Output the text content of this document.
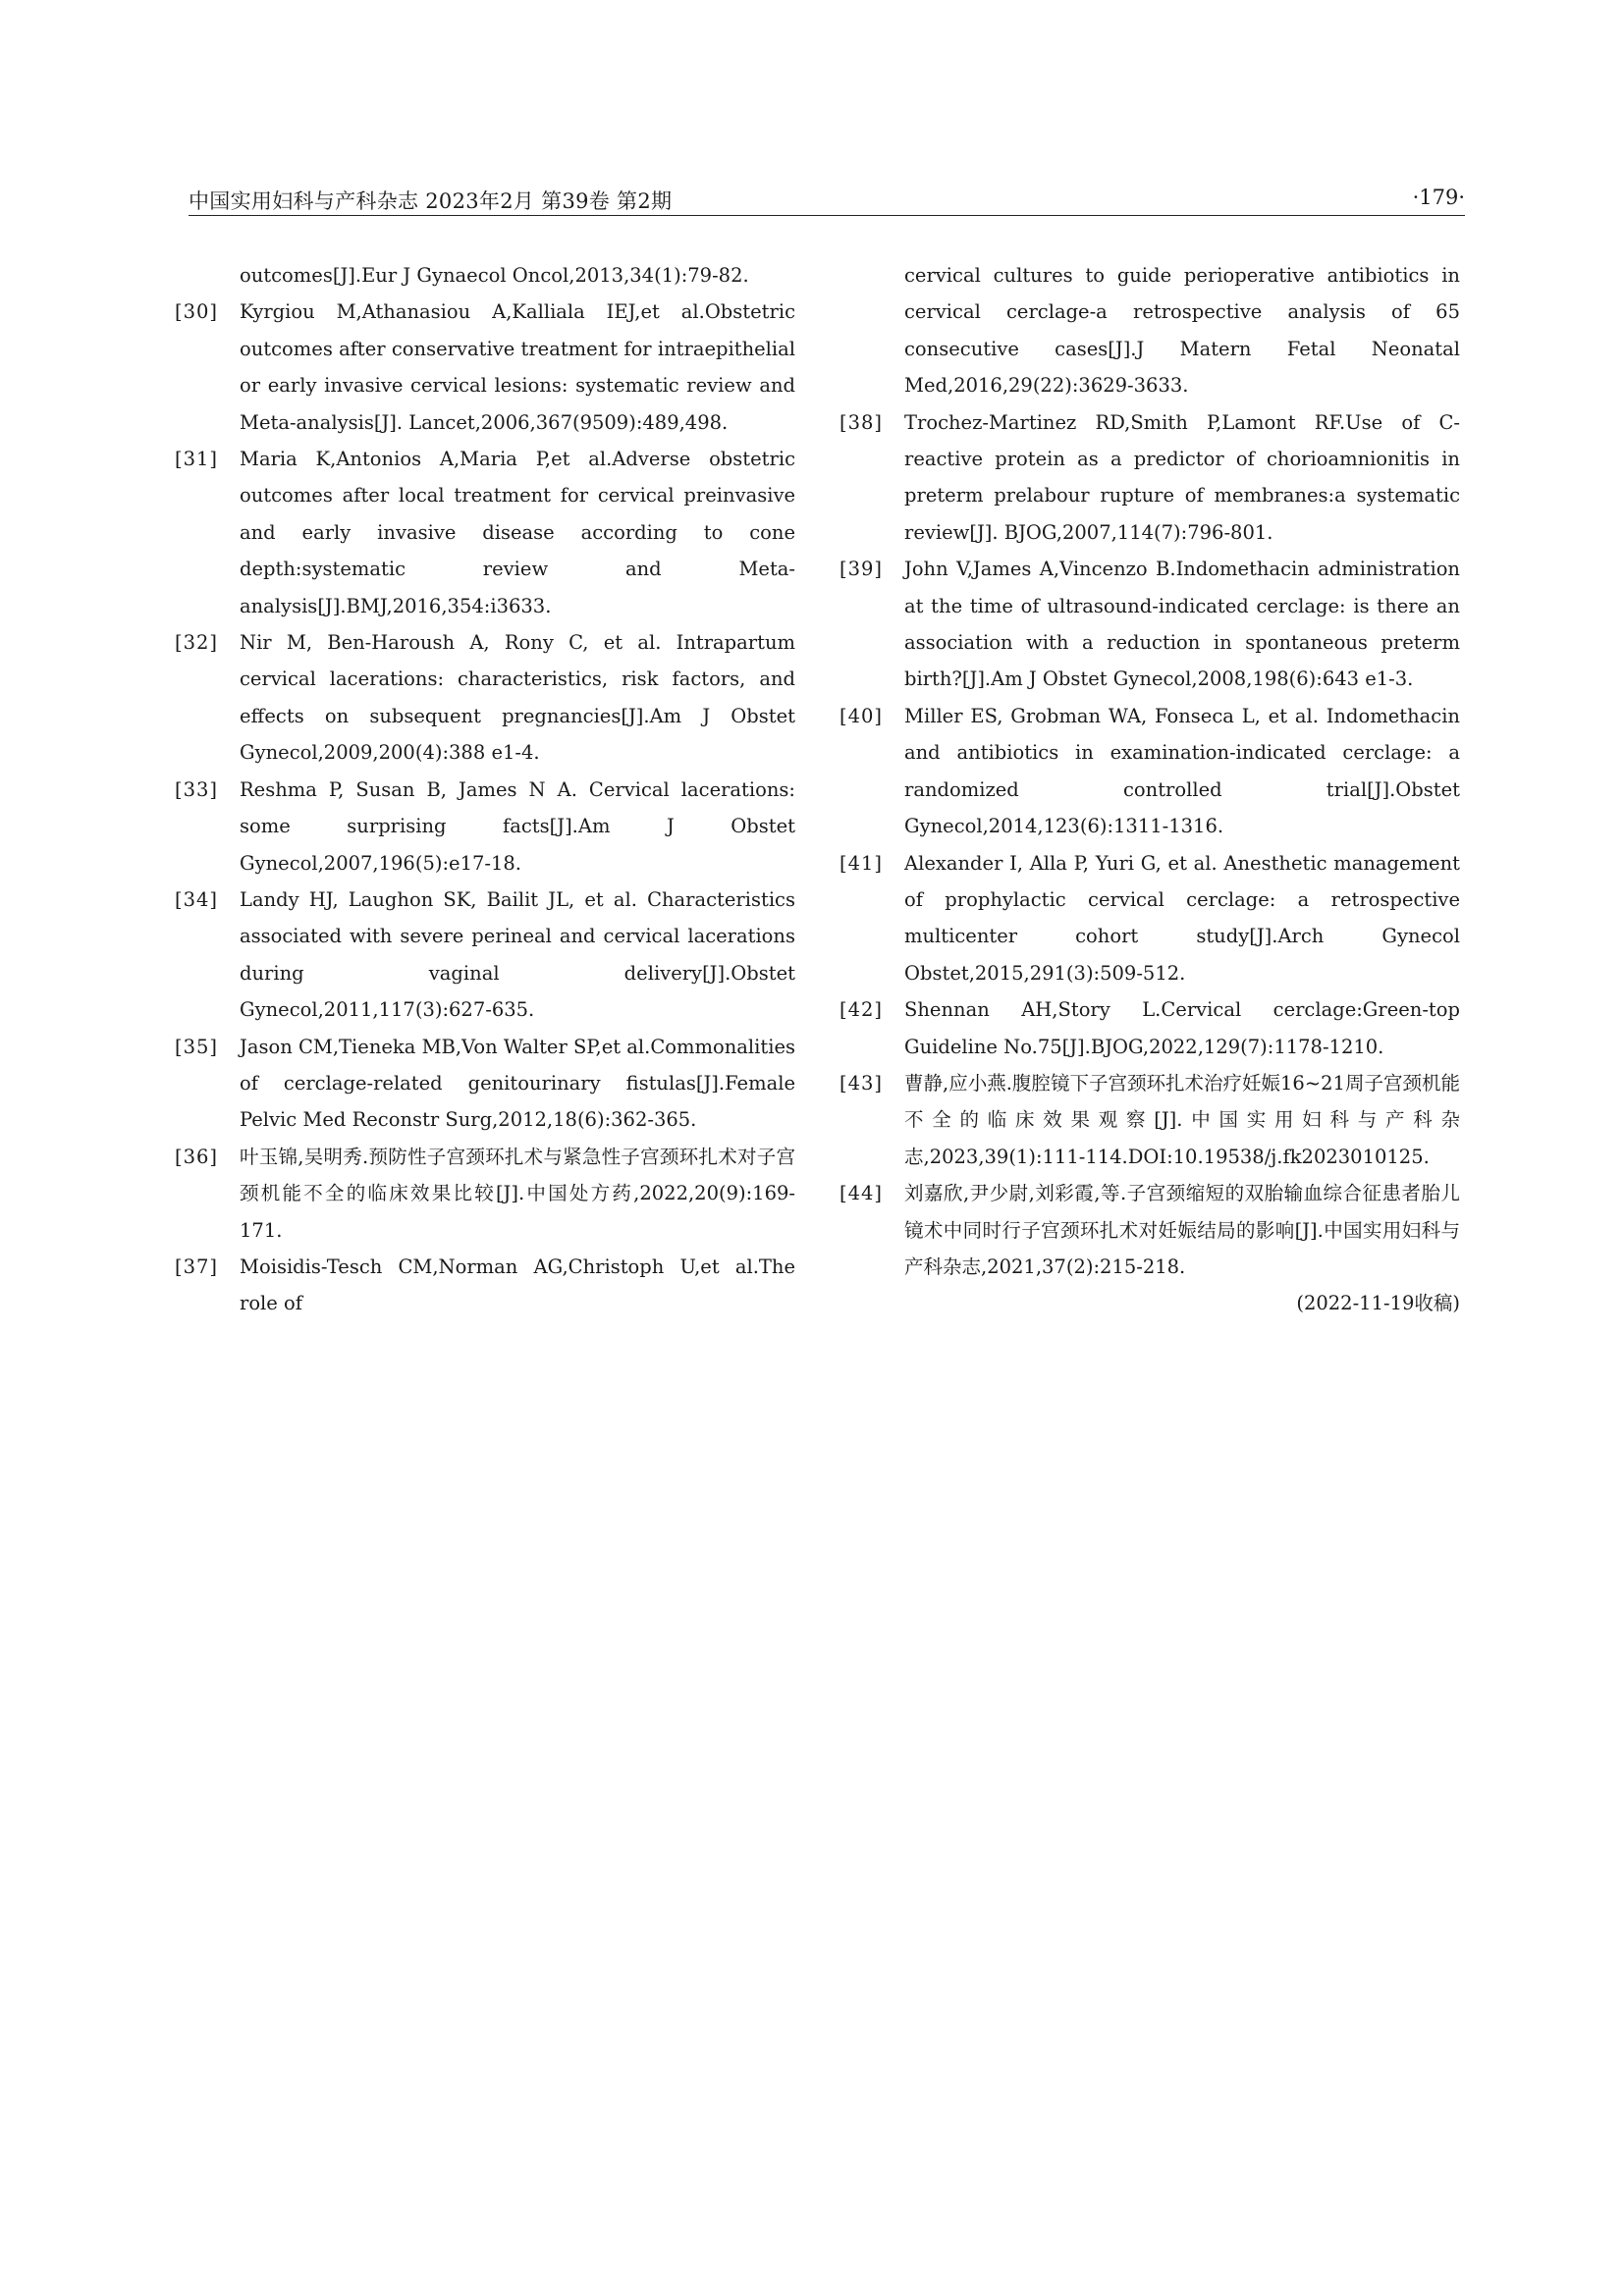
中国实用妇科与产科杂志 2023年2月 第39卷 第2期	·179·
outcomes[J].Eur J Gynaecol Oncol,2013,34(1):79-82.
[30] Kyrgiou M,Athanasiou A,Kalliala IEJ,et al.Obstetric outcomes after conservative treatment for intraepithelial or early invasive cervical lesions: systematic review and Meta-analysis[J]. Lancet,2006,367(9509):489,498.
[31] Maria K,Antonios A,Maria P,et al.Adverse obstetric outcomes after local treatment for cervical preinvasive and early invasive disease according to cone depth:systematic review and Meta-analysis[J].BMJ,2016,354:i3633.
[32] Nir M, Ben-Haroush A, Rony C, et al. Intrapartum cervical lacerations: characteristics, risk factors, and effects on subsequent pregnancies[J].Am J Obstet Gynecol,2009,200(4):388 e1-4.
[33] Reshma P, Susan B, James N A. Cervical lacerations: some surprising facts[J].Am J Obstet Gynecol,2007,196(5):e17-18.
[34] Landy HJ, Laughon SK, Bailit JL, et al. Characteristics associated with severe perineal and cervical lacerations during vaginal delivery[J].Obstet Gynecol,2011,117(3):627-635.
[35] Jason CM,Tieneka MB,Von Walter SP,et al.Commonalities of cerclage-related genitourinary fistulas[J].Female Pelvic Med Reconstr Surg,2012,18(6):362-365.
[36] 叶玉锦,吴明秀.预防性子宫颈环扎术与紧急性子宫颈环扎术对子宫颈机能不全的临床效果比较[J].中国处方药,2022,20(9):169-171.
[37] Moisidis-Tesch CM,Norman AG,Christoph U,et al.The role of
cervical cultures to guide perioperative antibiotics in cervical cerclage-a retrospective analysis of 65 consecutive cases[J].J Matern Fetal Neonatal Med,2016,29(22):3629-3633.
[38] Trochez-Martinez RD,Smith P,Lamont RF.Use of C-reactive protein as a predictor of chorioamnionitis in preterm prelabour rupture of membranes:a systematic review[J]. BJOG,2007,114(7):796-801.
[39] John V,James A,Vincenzo B.Indomethacin administration at the time of ultrasound-indicated cerclage: is there an association with a reduction in spontaneous preterm birth?[J].Am J Obstet Gynecol,2008,198(6):643 e1-3.
[40] Miller ES, Grobman WA, Fonseca L, et al. Indomethacin and antibiotics in examination-indicated cerclage: a randomized controlled trial[J].Obstet Gynecol,2014,123(6):1311-1316.
[41] Alexander I, Alla P, Yuri G, et al. Anesthetic management of prophylactic cervical cerclage: a retrospective multicenter cohort study[J].Arch Gynecol Obstet,2015,291(3):509-512.
[42] Shennan AH,Story L.Cervical cerclage:Green-top Guideline No.75[J].BJOG,2022,129(7):1178-1210.
[43] 曹静,应小燕.腹腔镜下子宫颈环扎术治疗妊娠16~21周子宫颈机能不全的临床效果观察[J].中国实用妇科与产科杂志,2023,39(1):111-114.DOI:10.19538/j.fk2023010125.
[44] 刘嘉欣,尹少尉,刘彩霞,等.子宫颈缩短的双胎输血综合征患者胎儿镜术中同时行子宫颈环扎术对妊娠结局的影响[J].中国实用妇科与产科杂志,2021,37(2):215-218.
(2022-11-19收稿)
